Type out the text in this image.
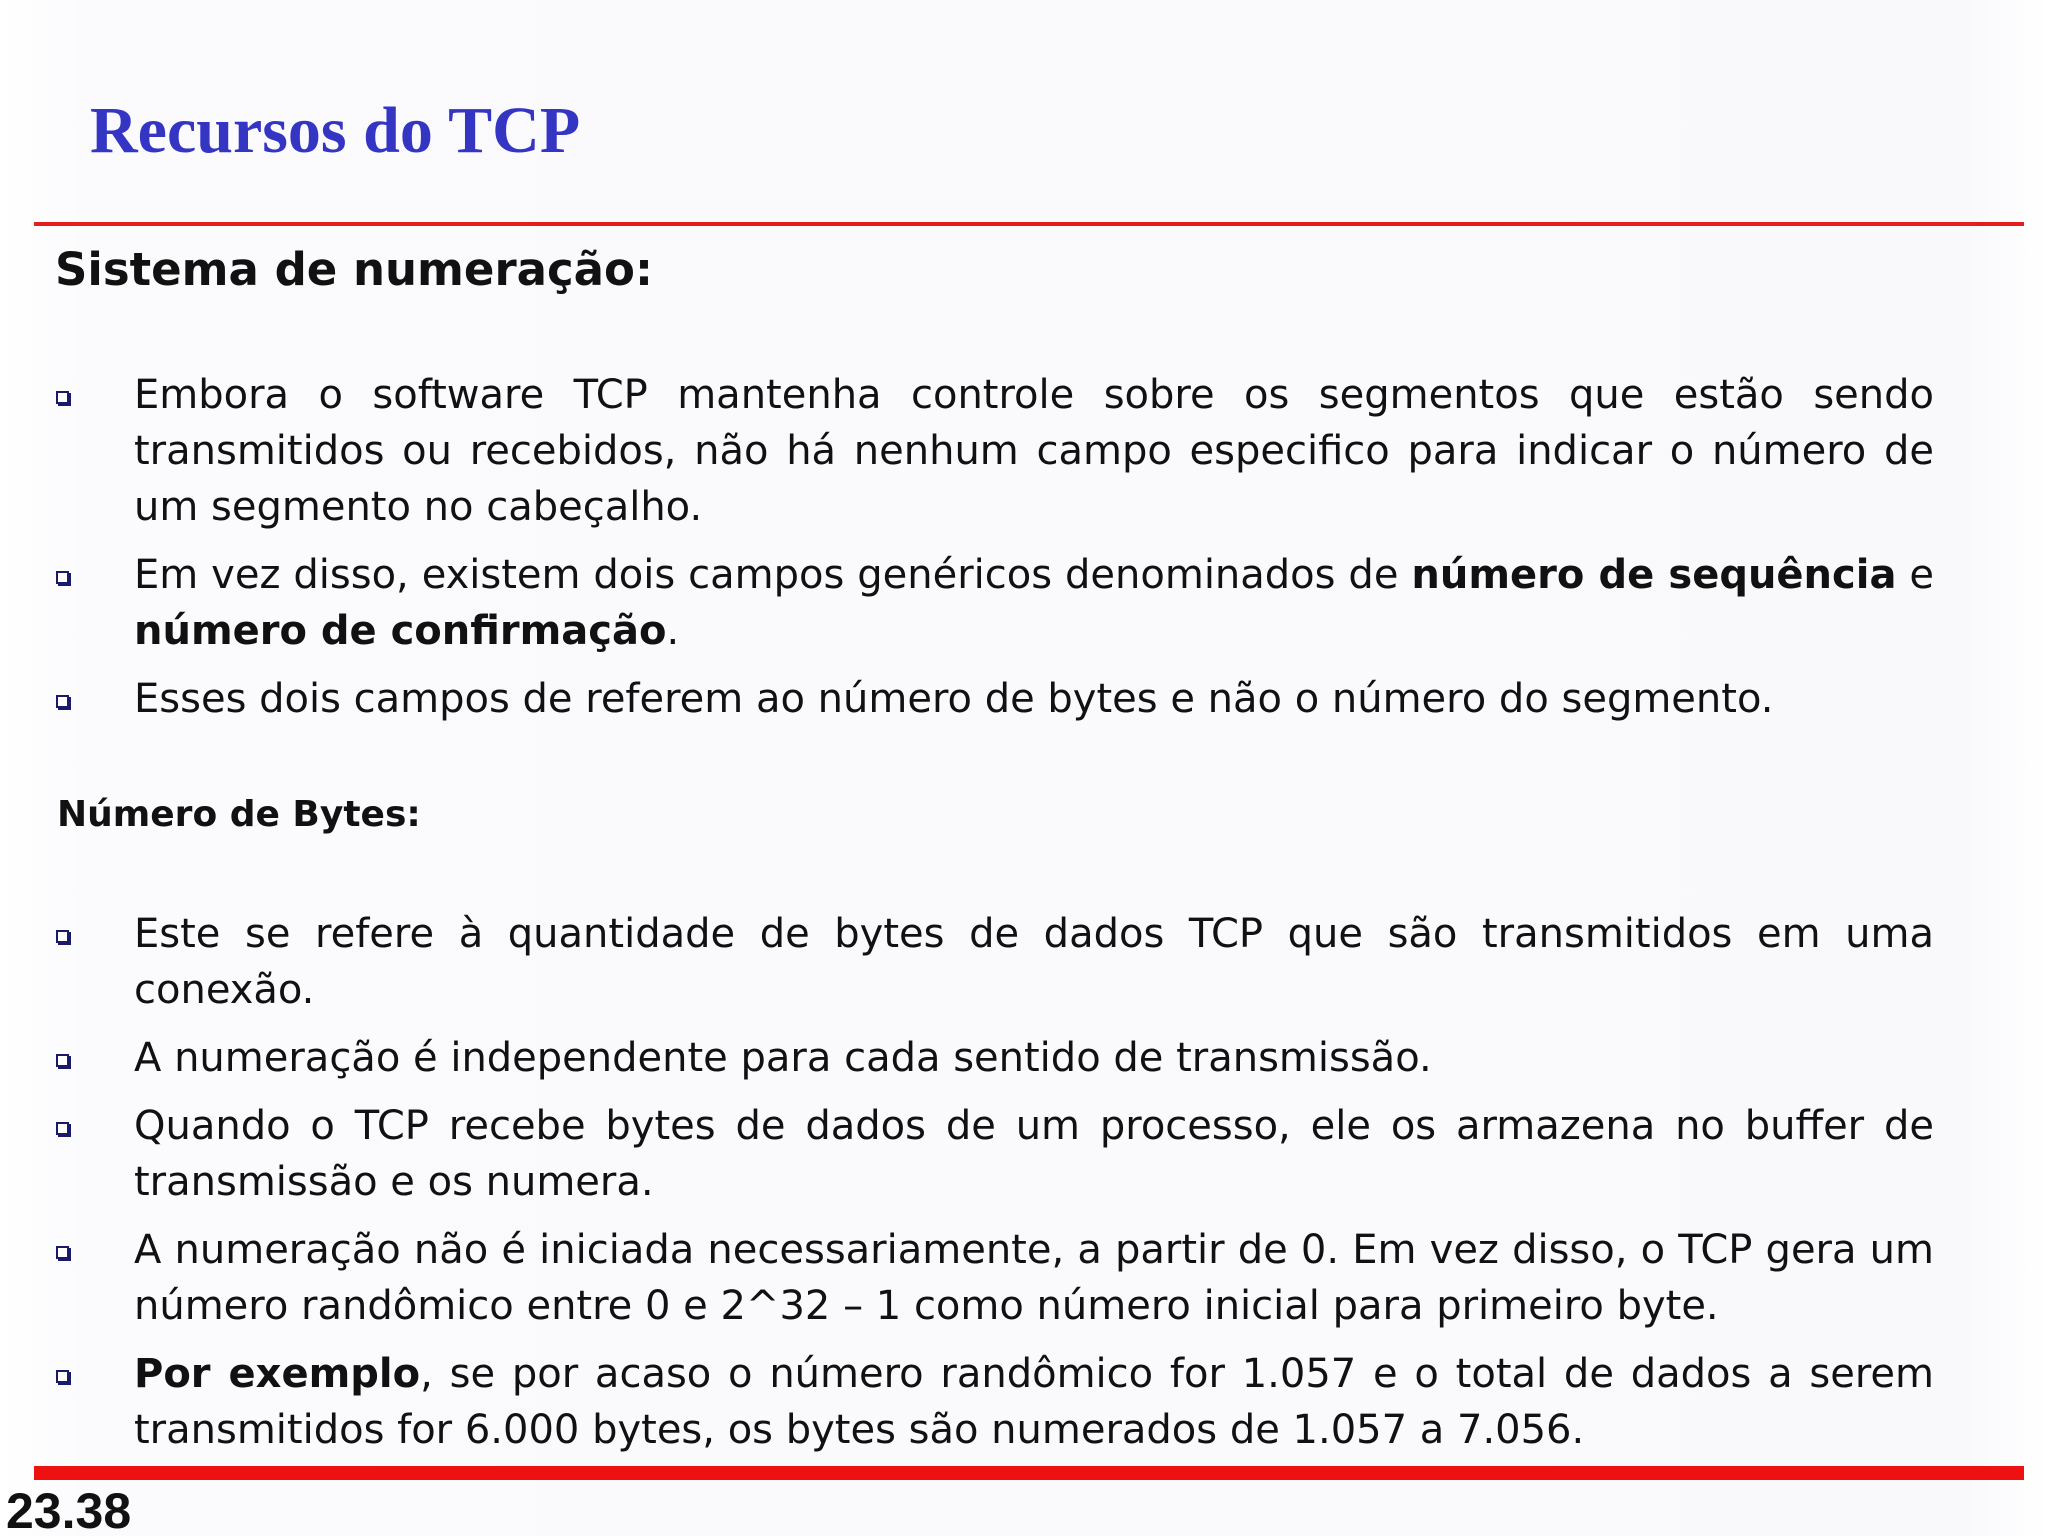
Recursos do TCP
Sistema de numeração:
Embora o software TCP mantenha controle sobre os segmentos que estão sendo transmitidos ou recebidos, não há nenhum campo especifico para indicar o número de um segmento no cabeçalho.
Em vez disso, existem dois campos genéricos denominados de número de sequência e número de confirmação.
Esses dois campos de referem ao número de bytes e não o número do segmento.
Número de Bytes:
Este se refere à quantidade de bytes de dados TCP que são transmitidos em uma conexão.
A numeração é independente para cada sentido de transmissão.
Quando o TCP recebe bytes de dados de um processo, ele os armazena no buffer de transmissão e os numera.
A numeração não é iniciada necessariamente, a partir de 0. Em vez disso, o TCP gera um número randômico entre 0 e 2^32 – 1 como número inicial para primeiro byte.
Por exemplo, se por acaso o número randômico for 1.057 e o total de dados a serem transmitidos for 6.000 bytes, os bytes são numerados de 1.057 a 7.056.
23.38
